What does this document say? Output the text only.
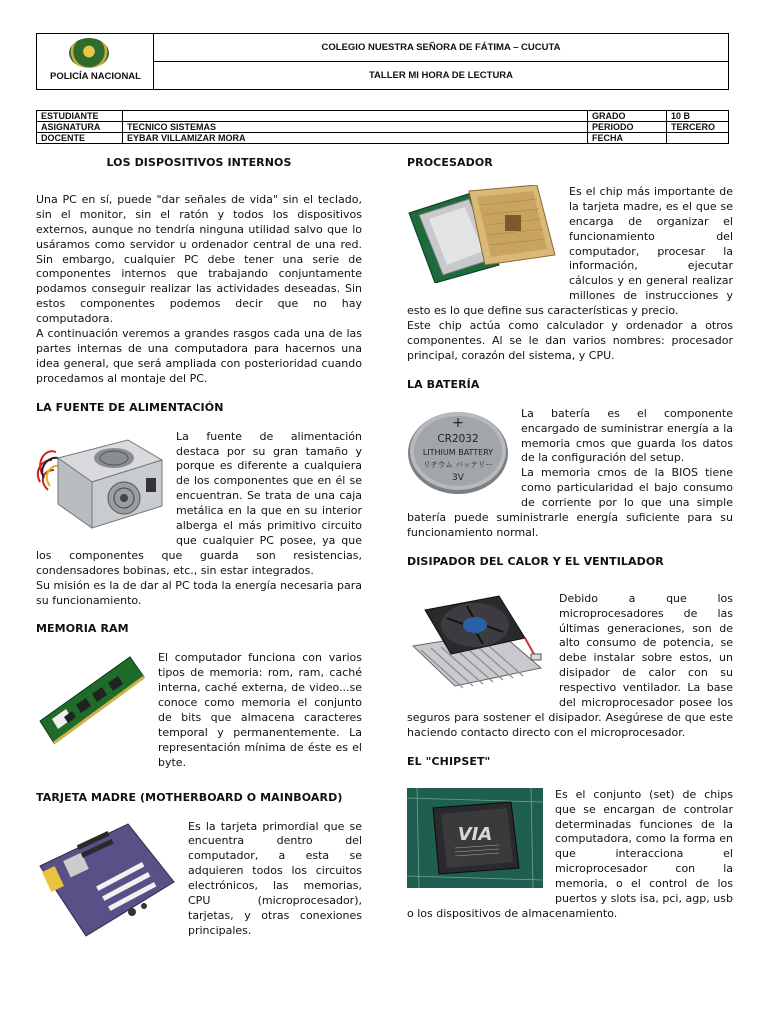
POLICÍA NACIONAL
COLEGIO NUESTRA SEÑORA DE FÁTIMA – CUCUTA
TALLER MI HORA DE LECTURA
ESTUDIANTE		GRADO	10 B
ASIGNATURA	TECNICO SISTEMAS	PERIODO	TERCERO
DOCENTE	EYBAR VILLAMIZAR MORA	FECHA	
LOS DISPOSITIVOS INTERNOS

Una PC en sí, puede "dar señales de vida" sin el teclado, sin el monitor, sin el ratón y todos los dispositivos externos, aunque no tendría ninguna utilidad salvo que lo usáramos como servidor u ordenador central de una red. Sin embargo, cualquier PC debe tener una serie de componentes internos que trabajando conjuntamente podamos conseguir realizar las actividades deseadas. Sin estos componentes podemos decir que no hay computadora.

A continuación veremos a grandes rasgos cada una de las partes internas de una computadora para hacernos una idea general, que será ampliada con posterioridad cuando procedamos al montaje del PC.

LA FUENTE DE ALIMENTACIÓN

La fuente de alimentación destaca por su gran tamaño y porque es diferente a cualquiera de los componentes que en él se encuentran. Se trata de una caja metálica en la que en su interior alberga el más primitivo circuito que cualquier PC posee, ya que los componentes que guarda son resistencias, condensadores bobinas, etc., sin estar integrados.

Su misión es la de dar al PC toda la energía necesaria para su funcionamiento.

MEMORIA RAM

El computador funciona con varios tipos de memoria: rom, ram, caché interna, caché externa, de video...se conoce como memoria el conjunto de bits que almacena caracteres temporal y permanentemente. La representación mínima de éste es el byte.

TARJETA MADRE (MOTHERBOARD O MAINBOARD)

Es la tarjeta primordial que se encuentra dentro del computador, a esta se adquieren todos los circuitos electrónicos, las memorias, CPU (microprocesador), tarjetas, y otras conexiones principales.

PROCESADOR

Es el chip más importante de la tarjeta madre, es el que se encarga de organizar el funcionamiento del computador, procesar la información, ejecutar cálculos y en general realizar millones de instrucciones y esto es lo que define sus características y precio.

Este chip actúa como calculador y ordenador a otros componentes. Al se le dan varios nombres: procesador principal, corazón del sistema, y CPU.

LA BATERÍA
+
CR2032
LITHIUM BATTERY
リチウム バッテリー
3V

La batería es el componente encargado de suministrar energía a la memoria cmos que guarda los datos de la configuración del setup.

La memoria cmos de la BIOS tiene como particularidad el bajo consumo de corriente por lo que una simple batería puede suministrarle energía suficiente para su funcionamiento normal.

DISIPADOR DEL CALOR Y EL VENTILADOR

Debido a que los microprocesadores de las últimas generaciones, son de alto consumo de potencia, se debe instalar sobre estos, un disipador de calor con su respectivo ventilador. La base del microprocesador posee los seguros para sostener el disipador. Asegúrese de que este haciendo contacto directo con el microprocesador.

EL "CHIPSET"
VIA

Es el conjunto (set) de chips que se encargan de controlar determinadas funciones de la computadora, como la forma en que interacciona el microprocesador con la memoria, o el control de los puertos y slots isa, pci, agp, usb o los dispositivos de almacenamiento.
